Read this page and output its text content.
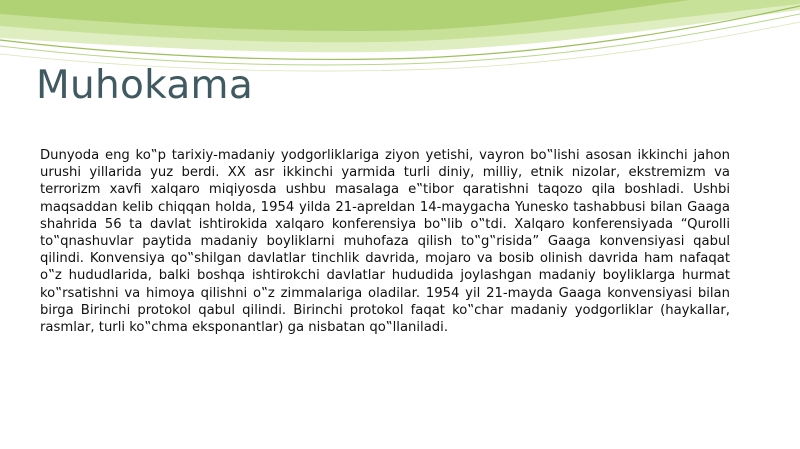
Muhokama

Dunyoda eng ko‟p tarixiy-madaniy yodgorliklariga ziyon yetishi, vayron bo‟lishi asosan ikkinchi jahon urushi yillarida yuz berdi. XX asr ikkinchi yarmida turli diniy, milliy, etnik nizolar, ekstremizm va terrorizm xavfi xalqaro miqiyosda ushbu masalaga e‟tibor qaratishni taqozo qila boshladi. Ushbi maqsaddan kelib chiqqan holda, 1954 yilda 21-apreldan 14-maygacha Yunesko tashabbusi bilan Gaaga shahrida 56 ta davlat ishtirokida xalqaro konferensiya bo‟lib o‟tdi. Xalqaro konferensiyada “Qurolli to‟qnashuvlar paytida madaniy boyliklarni muhofaza qilish to‟g‟risida” Gaaga konvensiyasi qabul qilindi. Konvensiya qo‟shilgan davlatlar tinchlik davrida, mojaro va bosib olinish davrida ham nafaqat o‟z hududlarida, balki boshqa ishtirokchi davlatlar hududida joylashgan madaniy boyliklarga hurmat ko‟rsatishni va himoya qilishni o‟z zimmalariga oladilar. 1954 yil 21-mayda Gaaga konvensiyasi bilan birga Birinchi protokol qabul qilindi. Birinchi protokol faqat ko‟char madaniy yodgorliklar (haykallar, rasmlar, turli ko‟chma eksponantlar) ga nisbatan qo‟llaniladi.
